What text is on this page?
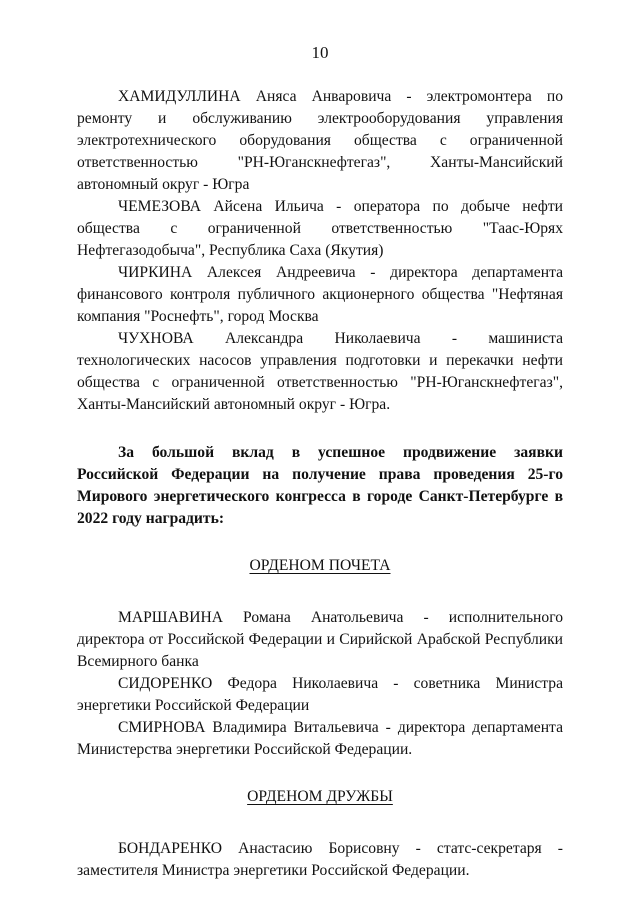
10

ХАМИДУЛЛИНА Аняса Анваровича - электромонтера по ремонту и обслуживанию электрооборудования управления электротехнического оборудования общества с ограниченной ответственностью "РН-Юганскнефтегаз", Ханты-Мансийский автономный округ - Югра

ЧЕМЕЗОВА Айсена Ильича - оператора по добыче нефти общества с ограниченной ответственностью "Таас-Юрях Нефтегазодобыча", Республика Саха (Якутия)

ЧИРКИНА Алексея Андреевича - директора департамента финансового контроля публичного акционерного общества "Нефтяная компания "Роснефть", город Москва

ЧУХНОВА Александра Николаевича - машиниста технологических насосов управления подготовки и перекачки нефти общества с ограниченной ответственностью "РН-Юганскнефтегаз", Ханты-Мансийский автономный округ - Югра.

За большой вклад в успешное продвижение заявки Российской Федерации на получение права проведения 25-го Мирового энергетического конгресса в городе Санкт-Петербурге в 2022 году наградить:

ОРДЕНОМ ПОЧЕТА

МАРШАВИНА Романа Анатольевича - исполнительного директора от Российской Федерации и Сирийской Арабской Республики Всемирного банка

СИДОРЕНКО Федора Николаевича - советника Министра энергетики Российской Федерации

СМИРНОВА Владимира Витальевича - директора департамента Министерства энергетики Российской Федерации.

ОРДЕНОМ ДРУЖБЫ

БОНДАРЕНКО Анастасию Борисовну - статс-секретаря - заместителя Министра энергетики Российской Федерации.
